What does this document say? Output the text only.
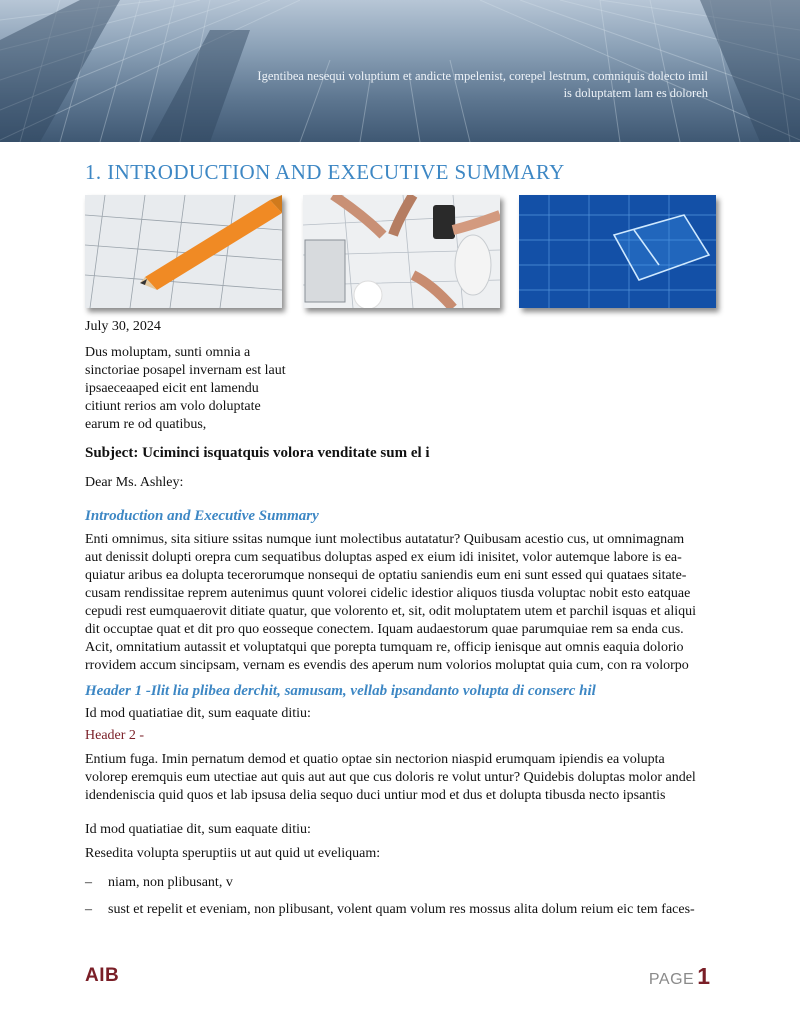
Igentibea nesequi voluptium et andicte mpelenist, corepel lestrum, comniquis dolecto imil
is doluptatem lam es doloreh
1. INTRODUCTION AND EXECUTIVE SUMMARY

July 30, 2024

Dus moluptam, sunti omnia a
sinctoriae posapel invernam est laut
ipsaeceaaped eicit ent lamendu
citiunt rerios am volo doluptate
earum re od quatibus,

Subject: Uciminci isquatquis volora venditate sum el i

Dear Ms. Ashley:

Introduction and Executive Summary

Enti omnimus, sita sitiure ssitas numque iunt molectibus autatatur? Quibusam acestio cus, ut omnimagnam
aut denissit dolupti orepra cum sequatibus doluptas asped ex eium idi inisitet, volor autemque labore is ea-
quiatur aribus ea dolupta tecerorumque nonsequi de optatiu saniendis eum eni sunt essed qui quataes sitate-
cusam rendissitae reprem autenimus quunt volorei cidelic idestior aliquos tiusda voluptac nobit esto eatquae
cepudi rest eumquaerovit ditiate quatur, que volorento et, sit, odit moluptatem utem et parchil isquas et aliqui
dit occuptae quat et dit pro quo eosseque conectem. Iquam audaestorum quae parumquiae rem sa enda cus.
Acit, omnitatium autassit et voluptatqui que porepta tumquam re, officip ienisque aut omnis eaquia dolorio
rrovidem accum sincipsam, vernam es evendis des aperum num volorios moluptat quia cum, con ra volorpo

Header 1 -Ilit lia plibea derchit, samusam, vellab ipsandanto volupta di conserc hil

Id mod quatiatiae dit, sum eaquate ditiu:

Header 2 -

Entium fuga. Imin pernatum demod et quatio optae sin nectorion niaspid erumquam ipiendis ea volupta
volorep eremquis eum utectiae aut quis aut aut que cus doloris re volut untur? Quidebis doluptas molor andel
idendeniscia quid quos et lab ipsusa delia sequo duci untiur mod et dus et dolupta tibusda necto ipsantis

Id mod quatiatiae dit, sum eaquate ditiu:

Resedita volupta speruptiis ut aut quid ut eveliquam:

– niam, non plibusant, v

– sust et repelit et eveniam, non plibusant, volent quam volum res mossus alita dolum reium eic tem faces-

AIB	PAGE 1
